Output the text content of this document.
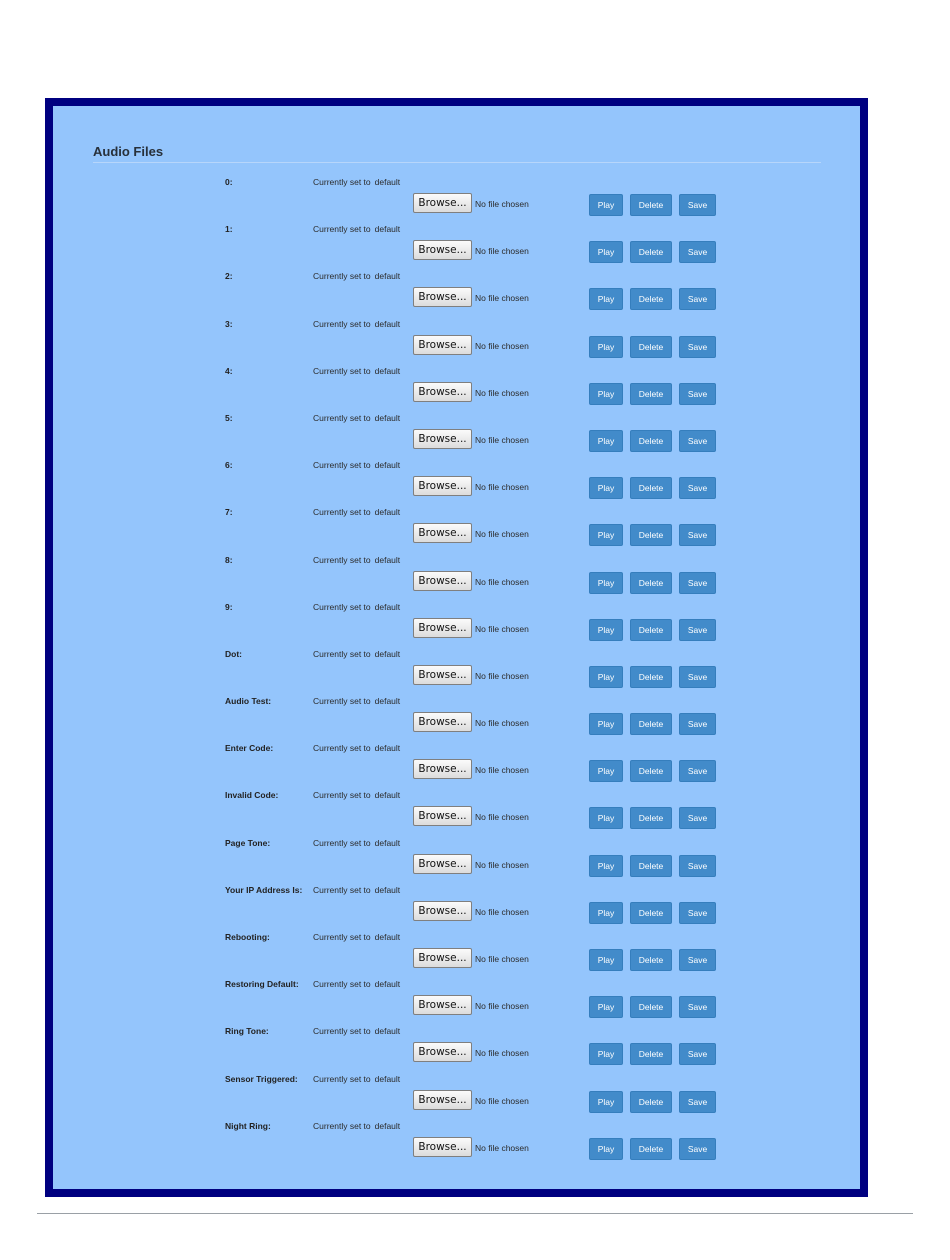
Audio Files
0:	Currently set to default
Browse... No file chosen	Play	Delete	Save
1:	Currently set to default
Browse... No file chosen	Play	Delete	Save
2:	Currently set to default
Browse... No file chosen	Play	Delete	Save
3:	Currently set to default
Browse... No file chosen	Play	Delete	Save
4:	Currently set to default
Browse... No file chosen	Play	Delete	Save
5:	Currently set to default
Browse... No file chosen	Play	Delete	Save
6:	Currently set to default
Browse... No file chosen	Play	Delete	Save
7:	Currently set to default
Browse... No file chosen	Play	Delete	Save
8:	Currently set to default
Browse... No file chosen	Play	Delete	Save
9:	Currently set to default
Browse... No file chosen	Play	Delete	Save
Dot:	Currently set to default
Browse... No file chosen	Play	Delete	Save
Audio Test:	Currently set to default
Browse... No file chosen	Play	Delete	Save
Enter Code:	Currently set to default
Browse... No file chosen	Play	Delete	Save
Invalid Code:	Currently set to default
Browse... No file chosen	Play	Delete	Save
Page Tone:	Currently set to default
Browse... No file chosen	Play	Delete	Save
Your IP Address Is: Currently set to default
Browse... No file chosen	Play	Delete	Save
Rebooting:	Currently set to default
Browse... No file chosen	Play	Delete	Save
Restoring Default: Currently set to default
Browse... No file chosen	Play	Delete	Save
Ring Tone:	Currently set to default
Browse... No file chosen	Play	Delete	Save
Sensor Triggered: Currently set to default
Browse... No file chosen	Play	Delete	Save
Night Ring:	Currently set to default
Browse... No file chosen	Play	Delete	Save
